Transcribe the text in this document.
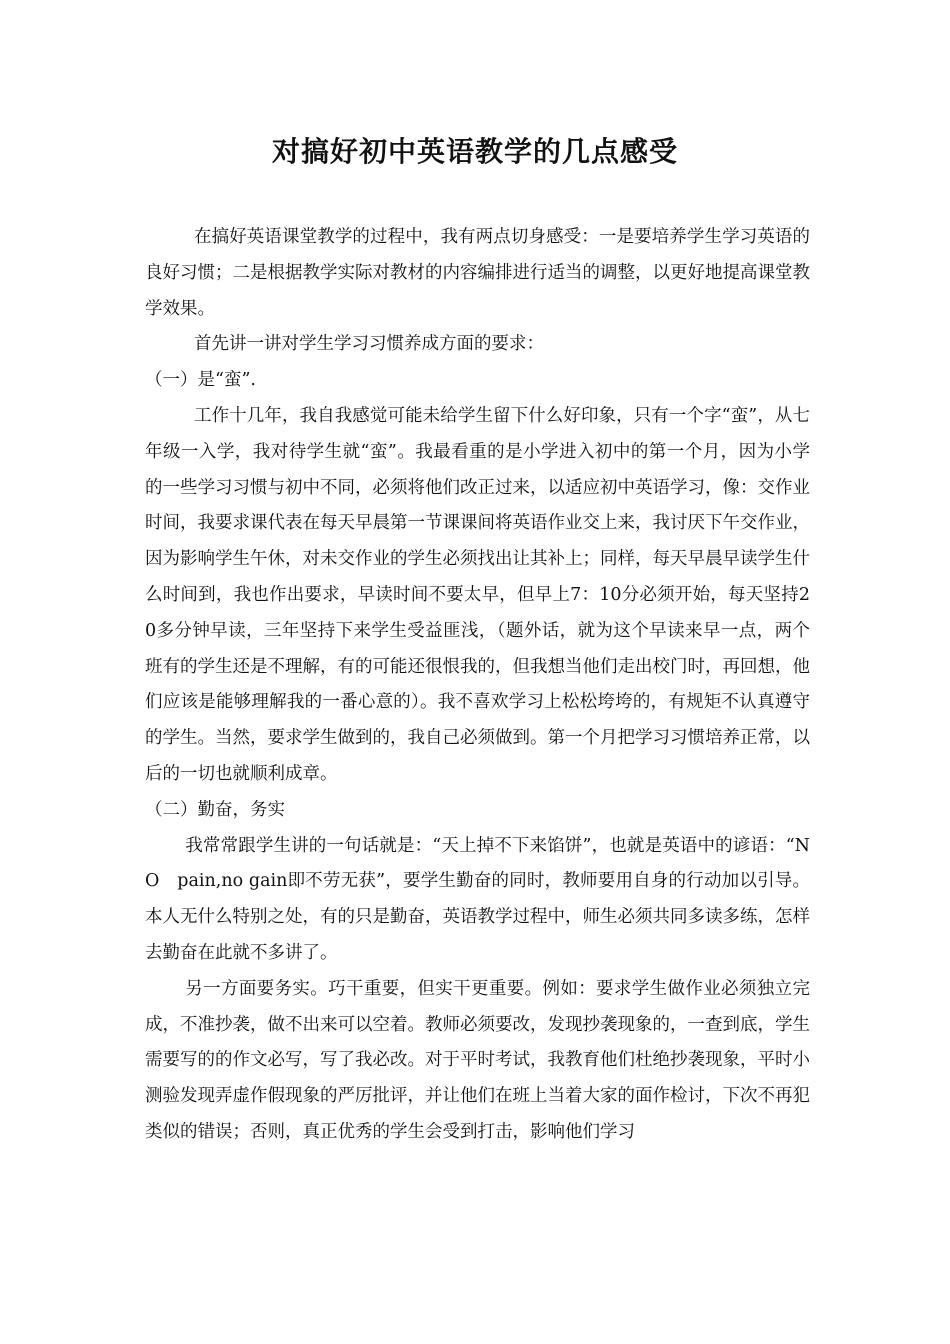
对搞好初中英语教学的几点感受

在搞好英语课堂教学的过程中，我有两点切身感受：一是要培养学生学习英语的良好习惯；二是根据教学实际对教材的内容编排进行适当的调整，以更好地提高课堂教学效果。

首先讲一讲对学生学习习惯养成方面的要求：

（一）是“蛮”.

工作十几年，我自我感觉可能未给学生留下什么好印象，只有一个字“蛮”，从七年级一入学，我对待学生就“蛮”。我最看重的是小学进入初中的第一个月，因为小学的一些学习习惯与初中不同，必须将他们改正过来，以适应初中英语学习，像：交作业时间，我要求课代表在每天早晨第一节课课间将英语作业交上来，我讨厌下午交作业，因为影响学生午休，对未交作业的学生必须找出让其补上；同样，每天早晨早读学生什么时间到，我也作出要求，早读时间不要太早，但早上7：10分必须开始，每天坚持20多分钟早读，三年坚持下来学生受益匪浅，（题外话，就为这个早读来早一点，两个班有的学生还是不理解，有的可能还很恨我的，但我想当他们走出校门时，再回想，他们应该是能够理解我的一番心意的）。我不喜欢学习上松松垮垮的，有规矩不认真遵守的学生。当然，要求学生做到的，我自己必须做到。第一个月把学习习惯培养正常，以后的一切也就顺利成章。

（二）勤奋，务实

我常常跟学生讲的一句话就是：“天上掉不下来馅饼”，也就是英语中的谚语：“NO　pain,no gain即不劳无获”，要学生勤奋的同时，教师要用自身的行动加以引导。本人无什么特别之处，有的只是勤奋，英语教学过程中，师生必须共同多读多练，怎样去勤奋在此就不多讲了。

另一方面要务实。巧干重要，但实干更重要。例如：要求学生做作业必须独立完成，不准抄袭，做不出来可以空着。教师必须要改，发现抄袭现象的，一查到底，学生需要写的的作文必写，写了我必改。对于平时考试，我教育他们杜绝抄袭现象，平时小测验发现弄虚作假现象的严厉批评，并让他们在班上当着大家的面作检讨，下次不再犯类似的错误；否则，真正优秀的学生会受到打击，影响他们学习
